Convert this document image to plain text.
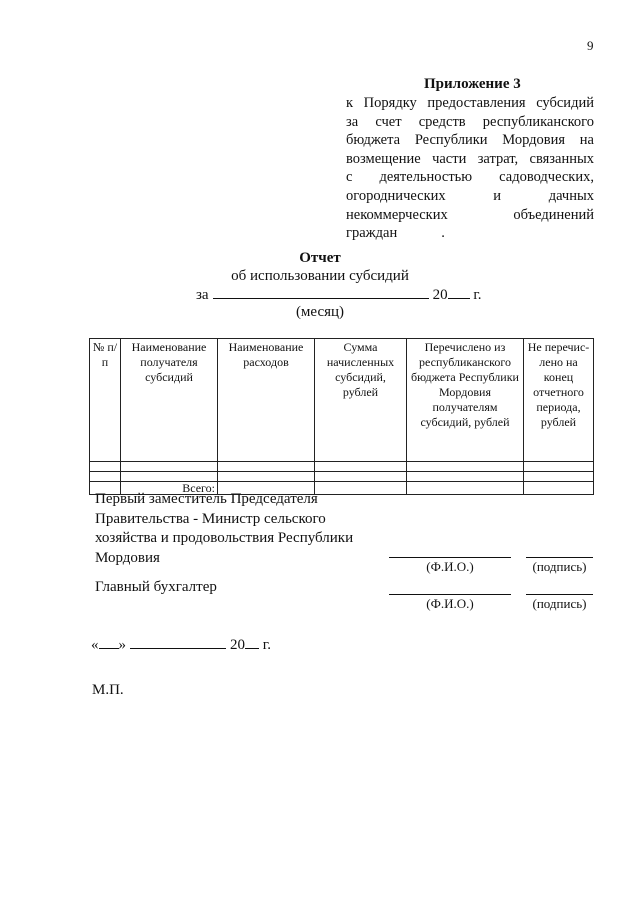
9
Приложение 3
к Порядку предоставления субсидий
за счет средств республиканского
бюджета Республики Мордовия на
возмещение части затрат, связанных
с деятельностью садоводческих,
огороднических	и	дачных
некоммерческих	объединений
граждан	.
Отчет
об использовании субсидий
за	20 г.
(месяц)
№ п/п	Наименование получателя субсидий	Наименование расходов	Сумма начисленных субсидий, рублей	Перечислено из республиканского бюджета Республики Мордовия получателям субсидий, рублей	Не перечис-лено на конец отчетного периода, рублей

	Всего:				
Первый заместитель Председателя
Правительства - Министр сельского
хозяйства и продовольствия Республики
Мордовия
(Ф.И.О.)	(подпись)
Главный бухгалтер
(Ф.И.О.)	(подпись)
« »	20 г.
М.П.
